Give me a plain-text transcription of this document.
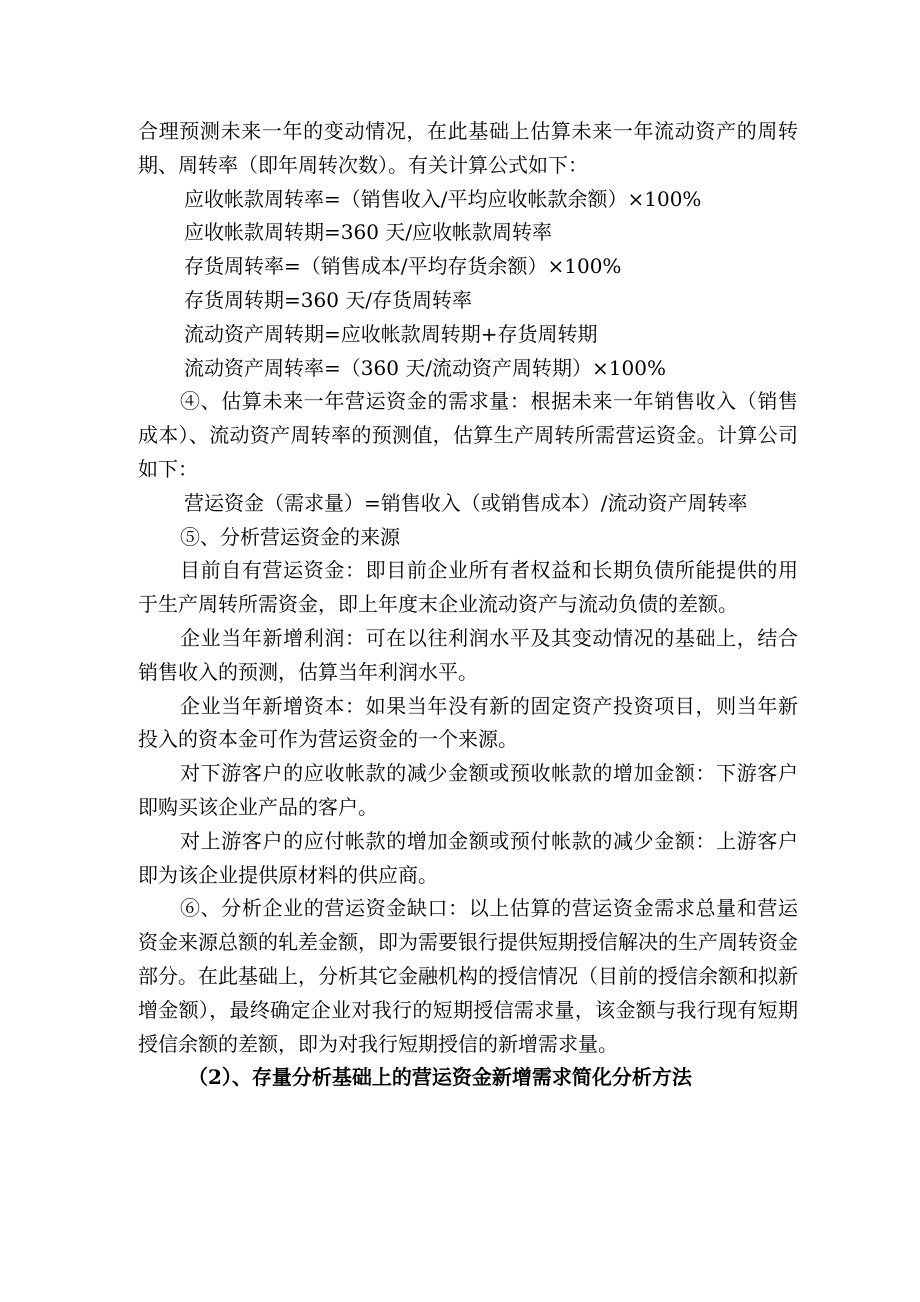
合理预测未来一年的变动情况，在此基础上估算未来一年流动资产的周转期、周转率（即年周转次数）。有关计算公式如下：

应收帐款周转率=（销售收入/平均应收帐款余额）×100%

应收帐款周转期=360 天/应收帐款周转率

存货周转率=（销售成本/平均存货余额）×100%

存货周转期=360 天/存货周转率

流动资产周转期=应收帐款周转期+存货周转期

流动资产周转率=（360 天/流动资产周转期）×100%

④、估算未来一年营运资金的需求量：根据未来一年销售收入（销售成本）、流动资产周转率的预测值，估算生产周转所需营运资金。计算公司如下：

营运资金（需求量）=销售收入（或销售成本）/流动资产周转率

⑤、分析营运资金的来源

目前自有营运资金：即目前企业所有者权益和长期负债所能提供的用于生产周转所需资金，即上年度末企业流动资产与流动负债的差额。

企业当年新增利润：可在以往利润水平及其变动情况的基础上，结合销售收入的预测，估算当年利润水平。

企业当年新增资本：如果当年没有新的固定资产投资项目，则当年新投入的资本金可作为营运资金的一个来源。

对下游客户的应收帐款的减少金额或预收帐款的增加金额：下游客户即购买该企业产品的客户。

对上游客户的应付帐款的增加金额或预付帐款的减少金额：上游客户即为该企业提供原材料的供应商。

⑥、分析企业的营运资金缺口：以上估算的营运资金需求总量和营运资金来源总额的轧差金额，即为需要银行提供短期授信解决的生产周转资金部分。在此基础上，分析其它金融机构的授信情况（目前的授信余额和拟新增金额），最终确定企业对我行的短期授信需求量，该金额与我行现有短期授信余额的差额，即为对我行短期授信的新增需求量。

（2）、存量分析基础上的营运资金新增需求简化分析方法
